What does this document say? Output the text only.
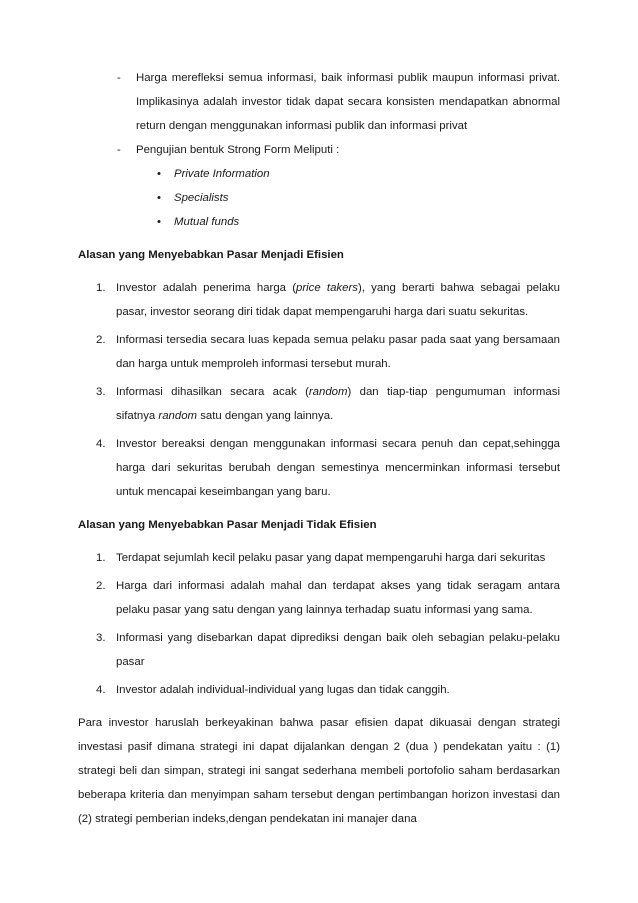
- Harga merefleksi semua informasi, baik informasi publik maupun informasi privat. Implikasinya adalah investor tidak dapat secara konsisten mendapatkan abnormal return dengan menggunakan informasi publik dan informasi privat

- Pengujian bentuk Strong Form Meliputi :

• Private Information
• Specialists
• Mutual funds

Alasan yang Menyebabkan Pasar Menjadi Efisien

1. Investor adalah penerima harga (price takers), yang berarti bahwa sebagai pelaku pasar, investor seorang diri tidak dapat mempengaruhi harga dari suatu sekuritas.

2. Informasi tersedia secara luas kepada semua pelaku pasar pada saat yang bersamaan dan harga untuk memproleh informasi tersebut murah.

3. Informasi dihasilkan secara acak (random) dan tiap-tiap pengumuman informasi sifatnya random satu dengan yang lainnya.

4. Investor bereaksi dengan menggunakan informasi secara penuh dan cepat,sehingga harga dari sekuritas berubah dengan semestinya mencerminkan informasi tersebut untuk mencapai keseimbangan yang baru.

Alasan yang Menyebabkan Pasar Menjadi Tidak Efisien

1. Terdapat sejumlah kecil pelaku pasar yang dapat mempengaruhi harga dari sekuritas

2. Harga dari informasi adalah mahal dan terdapat akses yang tidak seragam antara pelaku pasar yang satu dengan yang lainnya terhadap suatu informasi yang sama.

3. Informasi yang disebarkan dapat diprediksi dengan baik oleh sebagian pelaku-pelaku pasar

4. Investor adalah individual-individual yang lugas dan tidak canggih.

Para investor haruslah berkeyakinan bahwa pasar efisien dapat dikuasai dengan strategi investasi pasif dimana strategi ini dapat dijalankan dengan 2 (dua ) pendekatan yaitu : (1) strategi beli dan simpan, strategi ini sangat sederhana membeli portofolio saham berdasarkan beberapa kriteria dan menyimpan saham tersebut dengan pertimbangan horizon investasi dan (2) strategi pemberian indeks,dengan pendekatan ini manajer dana
